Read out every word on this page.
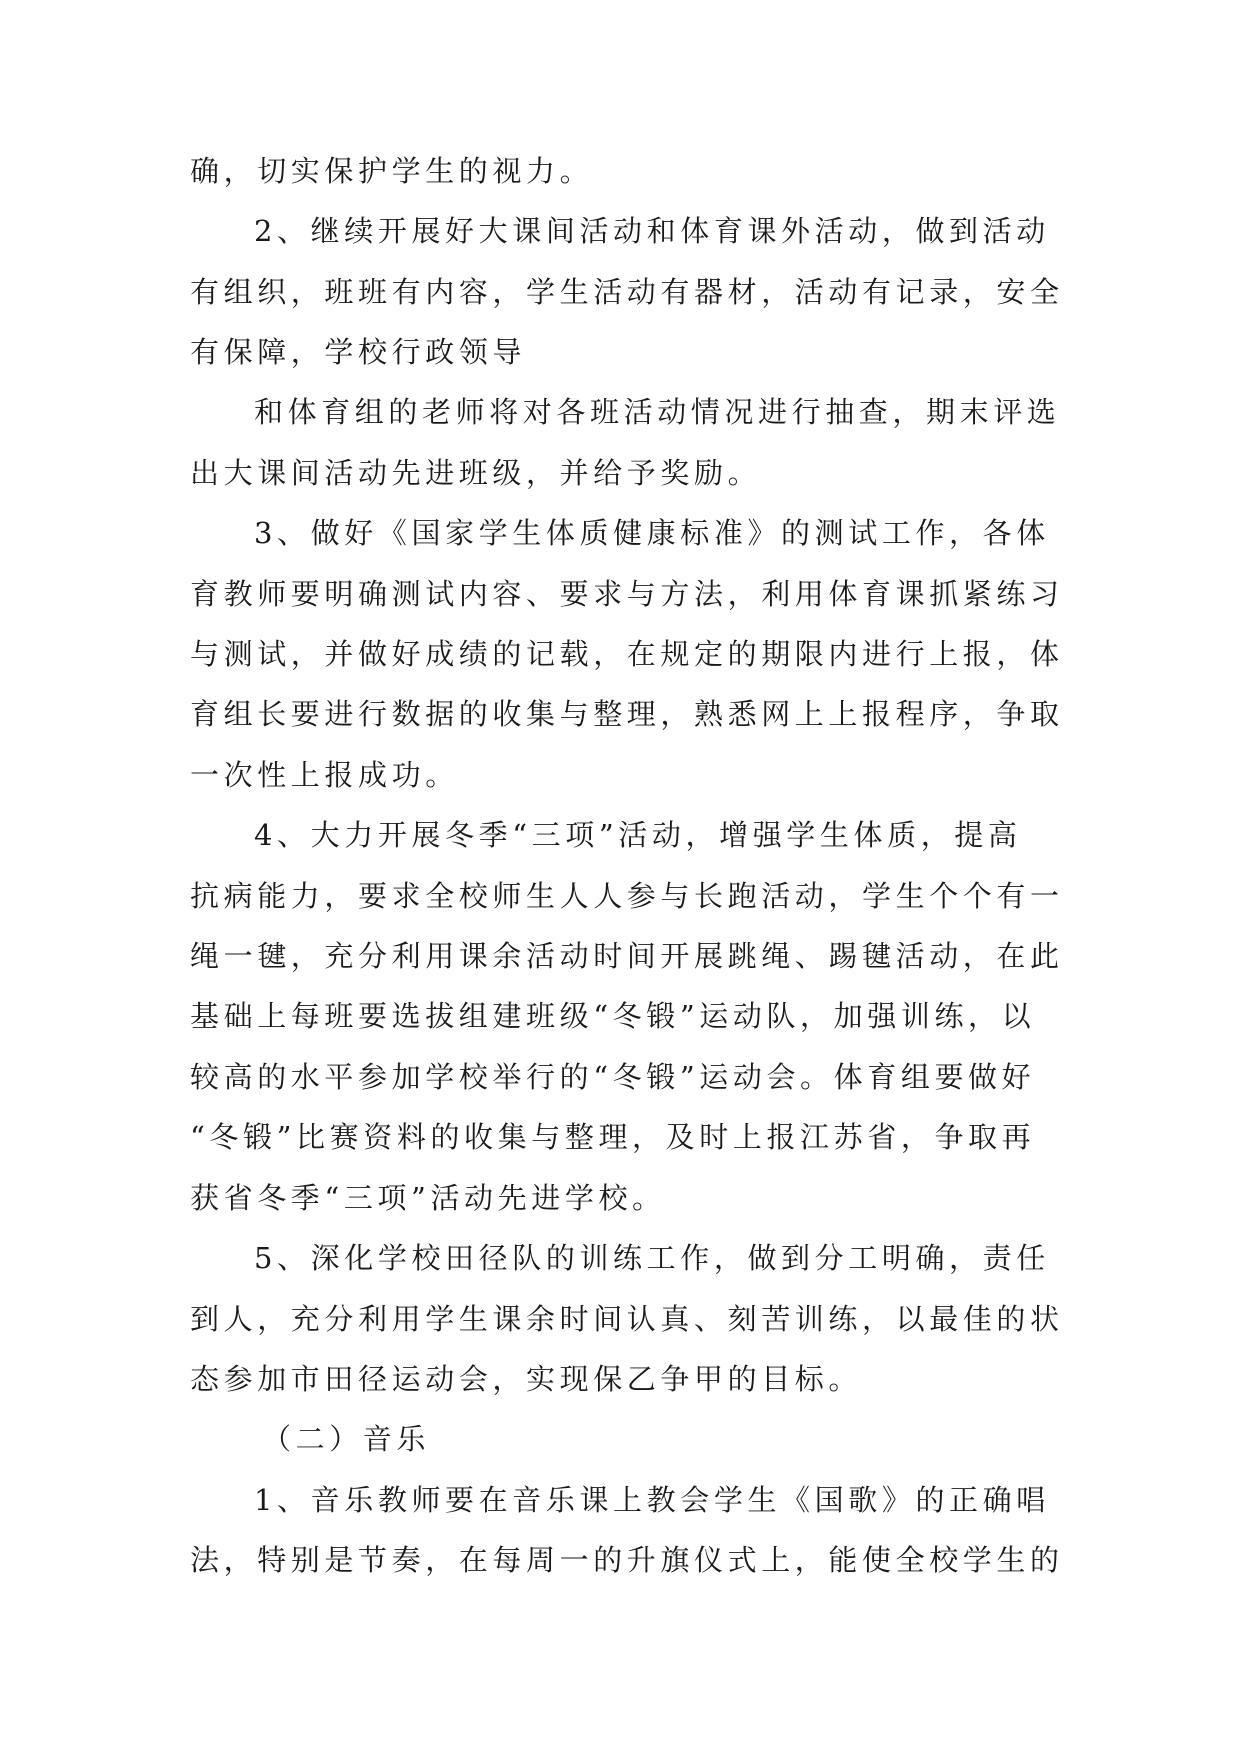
确，切实保护学生的视力。
2、继续开展好大课间活动和体育课外活动，做到活动
有组织，班班有内容，学生活动有器材，活动有记录，安全
有保障，学校行政领导
和体育组的老师将对各班活动情况进行抽查，期末评选
出大课间活动先进班级，并给予奖励。
3、做好《国家学生体质健康标准》的测试工作，各体
育教师要明确测试内容、要求与方法，利用体育课抓紧练习
与测试，并做好成绩的记载，在规定的期限内进行上报，体
育组长要进行数据的收集与整理，熟悉网上上报程序，争取
一次性上报成功。
4、大力开展冬季“三项”活动，增强学生体质，提高
抗病能力，要求全校师生人人参与长跑活动，学生个个有一
绳一毽，充分利用课余活动时间开展跳绳、踢毽活动，在此
基础上每班要选拔组建班级“冬锻”运动队，加强训练，以
较高的水平参加学校举行的“冬锻”运动会。体育组要做好
“冬锻”比赛资料的收集与整理，及时上报江苏省，争取再
获省冬季“三项”活动先进学校。
5、深化学校田径队的训练工作，做到分工明确，责任
到人，充分利用学生课余时间认真、刻苦训练，以最佳的状
态参加市田径运动会，实现保乙争甲的目标。
（二）音乐
1、音乐教师要在音乐课上教会学生《国歌》的正确唱
法，特别是节奏，在每周一的升旗仪式上，能使全校学生的
